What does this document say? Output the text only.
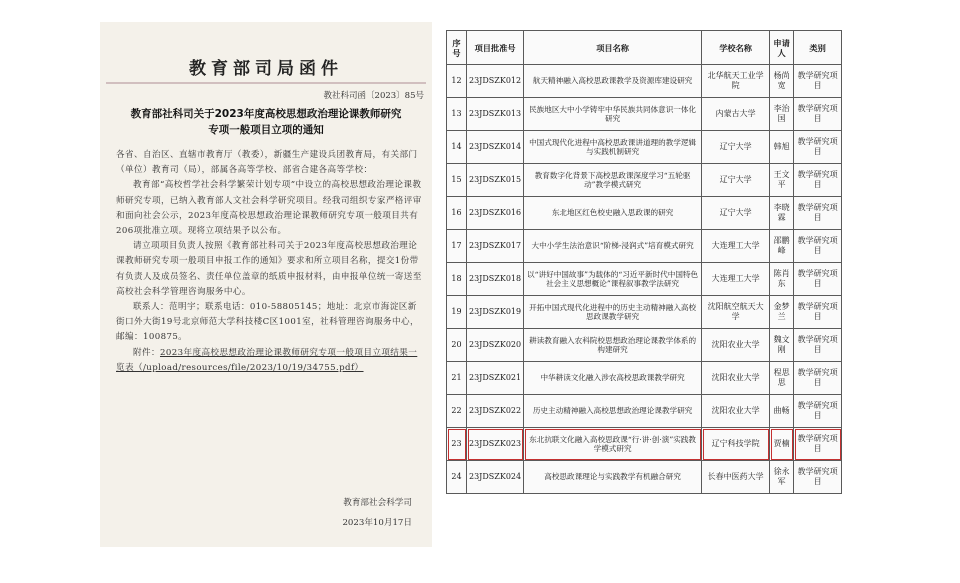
教育部司局函件
教社科司函〔2023〕85号
教育部社科司关于2023年度高校思想政治理论课教师研究
专项一般项目立项的通知

各省、自治区、直辖市教育厅（教委），新疆生产建设兵团教育局，有关部门（单位）教育司（局），部属各高等学校、部省合建各高等学校：

教育部“高校哲学社会科学繁荣计划专项”中设立的高校思想政治理论课教师研究专项，已纳入教育部人文社会科学研究项目。经我司组织专家严格评审和面向社会公示，2023年度高校思想政治理论课教师研究专项一般项目共有206项批准立项。现将立项结果予以公布。

请立项项目负责人按照《教育部社科司关于2023年度高校思想政治理论课教师研究专项一般项目申报工作的通知》要求和所立项目名称，提交1份带有负责人及成员签名、责任单位盖章的纸质申报材料，由申报单位统一寄送至高校社会科学管理咨询服务中心。

联系人：范明宇；联系电话：010-58805145；地址：北京市海淀区新街口外大街19号北京师范大学科技楼C区1001室，社科管理咨询服务中心，邮编：100875。

附件：2023年度高校思想政治理论课教师研究专项一般项目立项结果一览表（/upload/resources/file/2023/10/19/34755.pdf）

教育部社会科学司
2023年10月17日
序号	项目批准号	项目名称	学校名称	申请人	类别
12	23JDSZK012	航天精神融入高校思政课教学及资源库建设研究	北华航天工业学院	杨尚宽	教学研究项目
13	23JDSZK013	民族地区大中小学铸牢中华民族共同体意识一体化研究	内蒙古大学	李治国	教学研究项目
14	23JDSZK014	中国式现代化进程中高校思政课讲道理的教学逻辑与实践机制研究	辽宁大学	韩旭	教学研究项目
15	23JDSZK015	教育数字化背景下高校思政课深度学习“五轮驱动”教学模式研究	辽宁大学	王文平	教学研究项目
16	23JDSZK016	东北地区红色校史融入思政课的研究	辽宁大学	李晓霖	教学研究项目
17	23JDSZK017	大中小学生法治意识“阶梯-浸润式”培育模式研究	大连理工大学	邵鹏峰	教学研究项目
18	23JDSZK018	以“讲好中国故事”为载体的“习近平新时代中国特色社会主义思想概论”课程叙事教学法研究	大连理工大学	陈肖东	教学研究项目
19	23JDSZK019	开拓中国式现代化进程中的历史主动精神融入高校思政课教学研究	沈阳航空航天大学	金梦兰	教学研究项目
20	23JDSZK020	耕读教育融入农科院校思想政治理论课教学体系的构建研究	沈阳农业大学	魏文刚	教学研究项目
21	23JDSZK021	中华耕读文化融入涉农高校思政课教学研究	沈阳农业大学	程思思	教学研究项目
22	23JDSZK022	历史主动精神融入高校思想政治理论课教学研究	沈阳农业大学	曲畅	教学研究项目
23	23JDSZK023	东北抗联文化融入高校思政课“行·讲·创·演”实践教学模式研究	辽宁科技学院	贾楠	教学研究项目
24	23JDSZK024	高校思政课理论与实践教学有机融合研究	长春中医药大学	徐永军	教学研究项目
